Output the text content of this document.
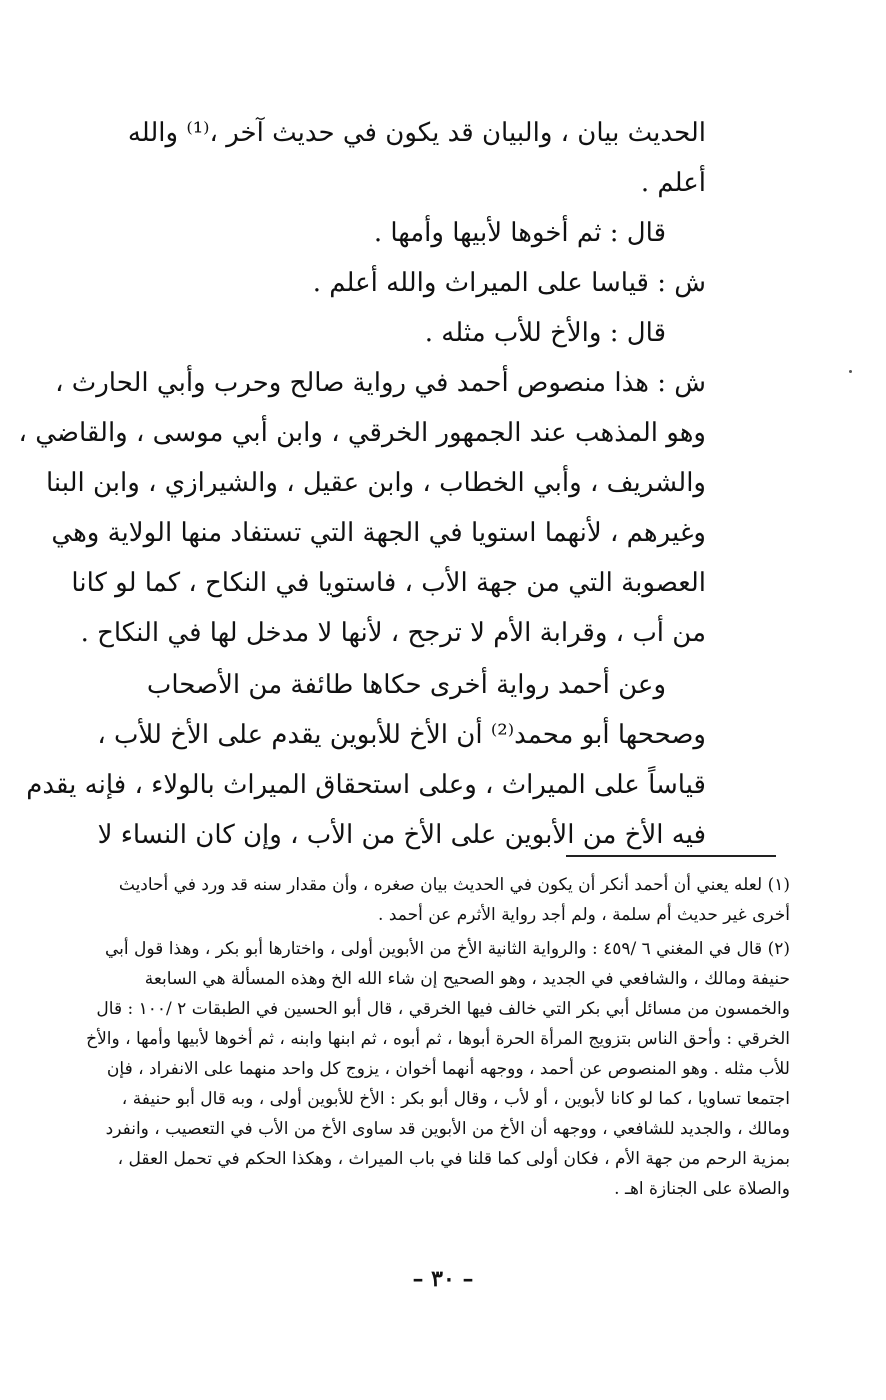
الحديث بيان ، والبيان قد يكون في حديث آخر ،⁽¹⁾ والله
أعلم .
قال : ثم أخوها لأبيها وأمها .
ش : قياسا على الميراث والله أعلم .
قال : والأخ للأب مثله .
ش : هذا منصوص أحمد في رواية صالح وحرب وأبي الحارث ،
وهو المذهب عند الجمهور الخرقي ، وابن أبي موسى ، والقاضي ،
والشريف ، وأبي الخطاب ، وابن عقيل ، والشيرازي ، وابن البنا
وغيرهم ، لأنهما استويا في الجهة التي تستفاد منها الولاية وهي
العصوبة التي من جهة الأب ، فاستويا في النكاح ، كما لو كانا
من أب ، وقرابة الأم لا ترجح ، لأنها لا مدخل لها في النكاح .
وعن أحمد رواية أخرى حكاها طائفة من الأصحاب
وصححها أبو محمد⁽²⁾ أن الأخ للأبوين يقدم على الأخ للأب ،
قياساً على الميراث ، وعلى استحقاق الميراث بالولاء ، فإنه يقدم
فيه الأخ من الأبوين على الأخ من الأب ، وإن كان النساء لا
(١) لعله يعني أن أحمد أنكر أن يكون في الحديث بيان صغره ، وأن مقدار سنه قد ورد في أحاديث
أخرى غير حديث أم سلمة ، ولم أجد رواية الأثرم عن أحمد .
(٢) قال في المغني ٦ /٤٥٩ : والرواية الثانية الأخ من الأبوين أولى ، واختارها أبو بكر ، وهذا قول أبي
حنيفة ومالك ، والشافعي في الجديد ، وهو الصحيح إن شاء الله الخ وهذه المسألة هي السابعة
والخمسون من مسائل أبي بكر التي خالف فيها الخرقي ، قال أبو الحسين في الطبقات ٢ /١٠٠ : قال
الخرقي : وأحق الناس بتزويج المرأة الحرة أبوها ، ثم أبوه ، ثم ابنها وابنه ، ثم أخوها لأبيها وأمها ، والأخ
للأب مثله . وهو المنصوص عن أحمد ، ووجهه أنهما أخوان ، يزوج كل واحد منهما على الانفراد ، فإن
اجتمعا تساويا ، كما لو كانا لأبوين ، أو لأب ، وقال أبو بكر : الأخ للأبوين أولى ، وبه قال أبو حنيفة ،
ومالك ، والجديد للشافعي ، ووجهه أن الأخ من الأبوين قد ساوى الأخ من الأب في التعصيب ، وانفرد
بمزية الرحم من جهة الأم ، فكان أولى كما قلنا في باب الميراث ، وهكذا الحكم في تحمل العقل ،
والصلاة على الجنازة اهـ .
– ٣٠ –
